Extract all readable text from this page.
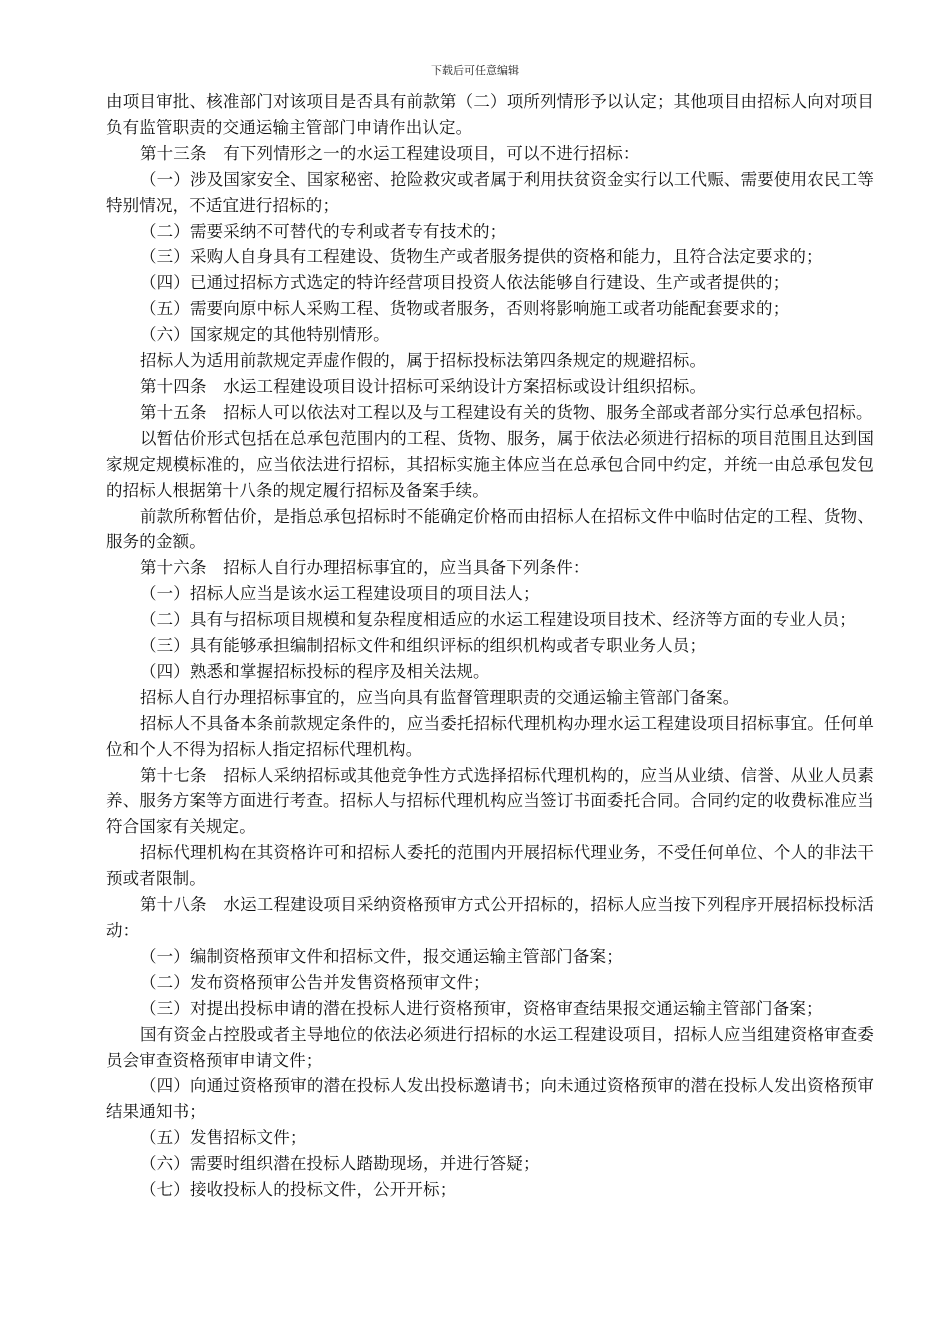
下载后可任意编辑

由项目审批、核准部门对该项目是否具有前款第（二）项所列情形予以认定；其他项目由招标人向对项目负有监管职责的交通运输主管部门申请作出认定。

第十三条　有下列情形之一的水运工程建设项目，可以不进行招标：

（一）涉及国家安全、国家秘密、抢险救灾或者属于利用扶贫资金实行以工代赈、需要使用农民工等特别情况，不适宜进行招标的；

（二）需要采纳不可替代的专利或者专有技术的；

（三）采购人自身具有工程建设、货物生产或者服务提供的资格和能力，且符合法定要求的；

（四）已通过招标方式选定的特许经营项目投资人依法能够自行建设、生产或者提供的；

（五）需要向原中标人采购工程、货物或者服务，否则将影响施工或者功能配套要求的；

（六）国家规定的其他特别情形。

招标人为适用前款规定弄虚作假的，属于招标投标法第四条规定的规避招标。

第十四条　水运工程建设项目设计招标可采纳设计方案招标或设计组织招标。

第十五条　招标人可以依法对工程以及与工程建设有关的货物、服务全部或者部分实行总承包招标。

以暂估价形式包括在总承包范围内的工程、货物、服务，属于依法必须进行招标的项目范围且达到国家规定规模标准的，应当依法进行招标，其招标实施主体应当在总承包合同中约定，并统一由总承包发包的招标人根据第十八条的规定履行招标及备案手续。

前款所称暂估价，是指总承包招标时不能确定价格而由招标人在招标文件中临时估定的工程、货物、服务的金额。

第十六条　招标人自行办理招标事宜的，应当具备下列条件：

（一）招标人应当是该水运工程建设项目的项目法人；

（二）具有与招标项目规模和复杂程度相适应的水运工程建设项目技术、经济等方面的专业人员；

（三）具有能够承担编制招标文件和组织评标的组织机构或者专职业务人员；

（四）熟悉和掌握招标投标的程序及相关法规。

招标人自行办理招标事宜的，应当向具有监督管理职责的交通运输主管部门备案。

招标人不具备本条前款规定条件的，应当委托招标代理机构办理水运工程建设项目招标事宜。任何单位和个人不得为招标人指定招标代理机构。

第十七条　招标人采纳招标或其他竞争性方式选择招标代理机构的，应当从业绩、信誉、从业人员素养、服务方案等方面进行考查。招标人与招标代理机构应当签订书面委托合同。合同约定的收费标准应当符合国家有关规定。

招标代理机构在其资格许可和招标人委托的范围内开展招标代理业务，不受任何单位、个人的非法干预或者限制。

第十八条　水运工程建设项目采纳资格预审方式公开招标的，招标人应当按下列程序开展招标投标活动：

（一）编制资格预审文件和招标文件，报交通运输主管部门备案；

（二）发布资格预审公告并发售资格预审文件；

（三）对提出投标申请的潜在投标人进行资格预审，资格审查结果报交通运输主管部门备案；

国有资金占控股或者主导地位的依法必须进行招标的水运工程建设项目，招标人应当组建资格审查委员会审查资格预审申请文件；

（四）向通过资格预审的潜在投标人发出投标邀请书；向未通过资格预审的潜在投标人发出资格预审结果通知书；

（五）发售招标文件；

（六）需要时组织潜在投标人踏勘现场，并进行答疑；

（七）接收投标人的投标文件，公开开标；
